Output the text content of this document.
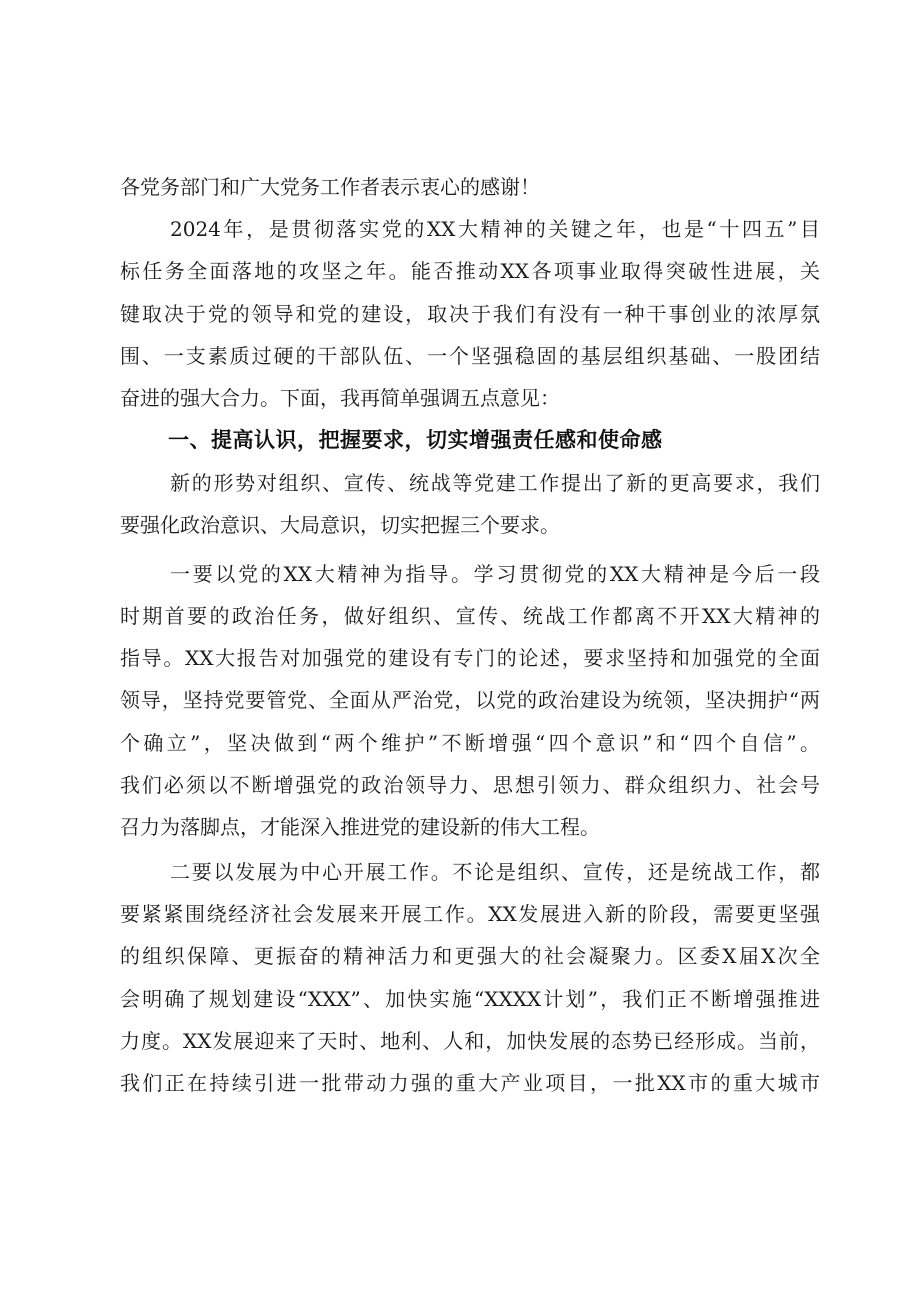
各党务部门和广大党务工作者表示衷心的感谢！
2024年，是贯彻落实党的XX大精神的关键之年，也是“十四五”目
标任务全面落地的攻坚之年。能否推动XX各项事业取得突破性进展，关
键取决于党的领导和党的建设，取决于我们有没有一种干事创业的浓厚氛
围、一支素质过硬的干部队伍、一个坚强稳固的基层组织基础、一股团结
奋进的强大合力。下面，我再简单强调五点意见：
一、提高认识，把握要求，切实增强责任感和使命感
新的形势对组织、宣传、统战等党建工作提出了新的更高要求，我们
要强化政治意识、大局意识，切实把握三个要求。
一要以党的XX大精神为指导。学习贯彻党的XX大精神是今后一段
时期首要的政治任务，做好组织、宣传、统战工作都离不开XX大精神的
指导。XX大报告对加强党的建设有专门的论述，要求坚持和加强党的全面
领导，坚持党要管党、全面从严治党，以党的政治建设为统领，坚决拥护“两
个确立”，坚决做到“两个维护”不断增强“四个意识”和“四个自信”。
我们必须以不断增强党的政治领导力、思想引领力、群众组织力、社会号
召力为落脚点，才能深入推进党的建设新的伟大工程。
二要以发展为中心开展工作。不论是组织、宣传，还是统战工作，都
要紧紧围绕经济社会发展来开展工作。XX发展进入新的阶段，需要更坚强
的组织保障、更振奋的精神活力和更强大的社会凝聚力。区委X届X次全
会明确了规划建设“XXX”、加快实施“XXXX计划”，我们正不断增强推进
力度。XX发展迎来了天时、地利、人和，加快发展的态势已经形成。当前，
我们正在持续引进一批带动力强的重大产业项目，一批XX市的重大城市
